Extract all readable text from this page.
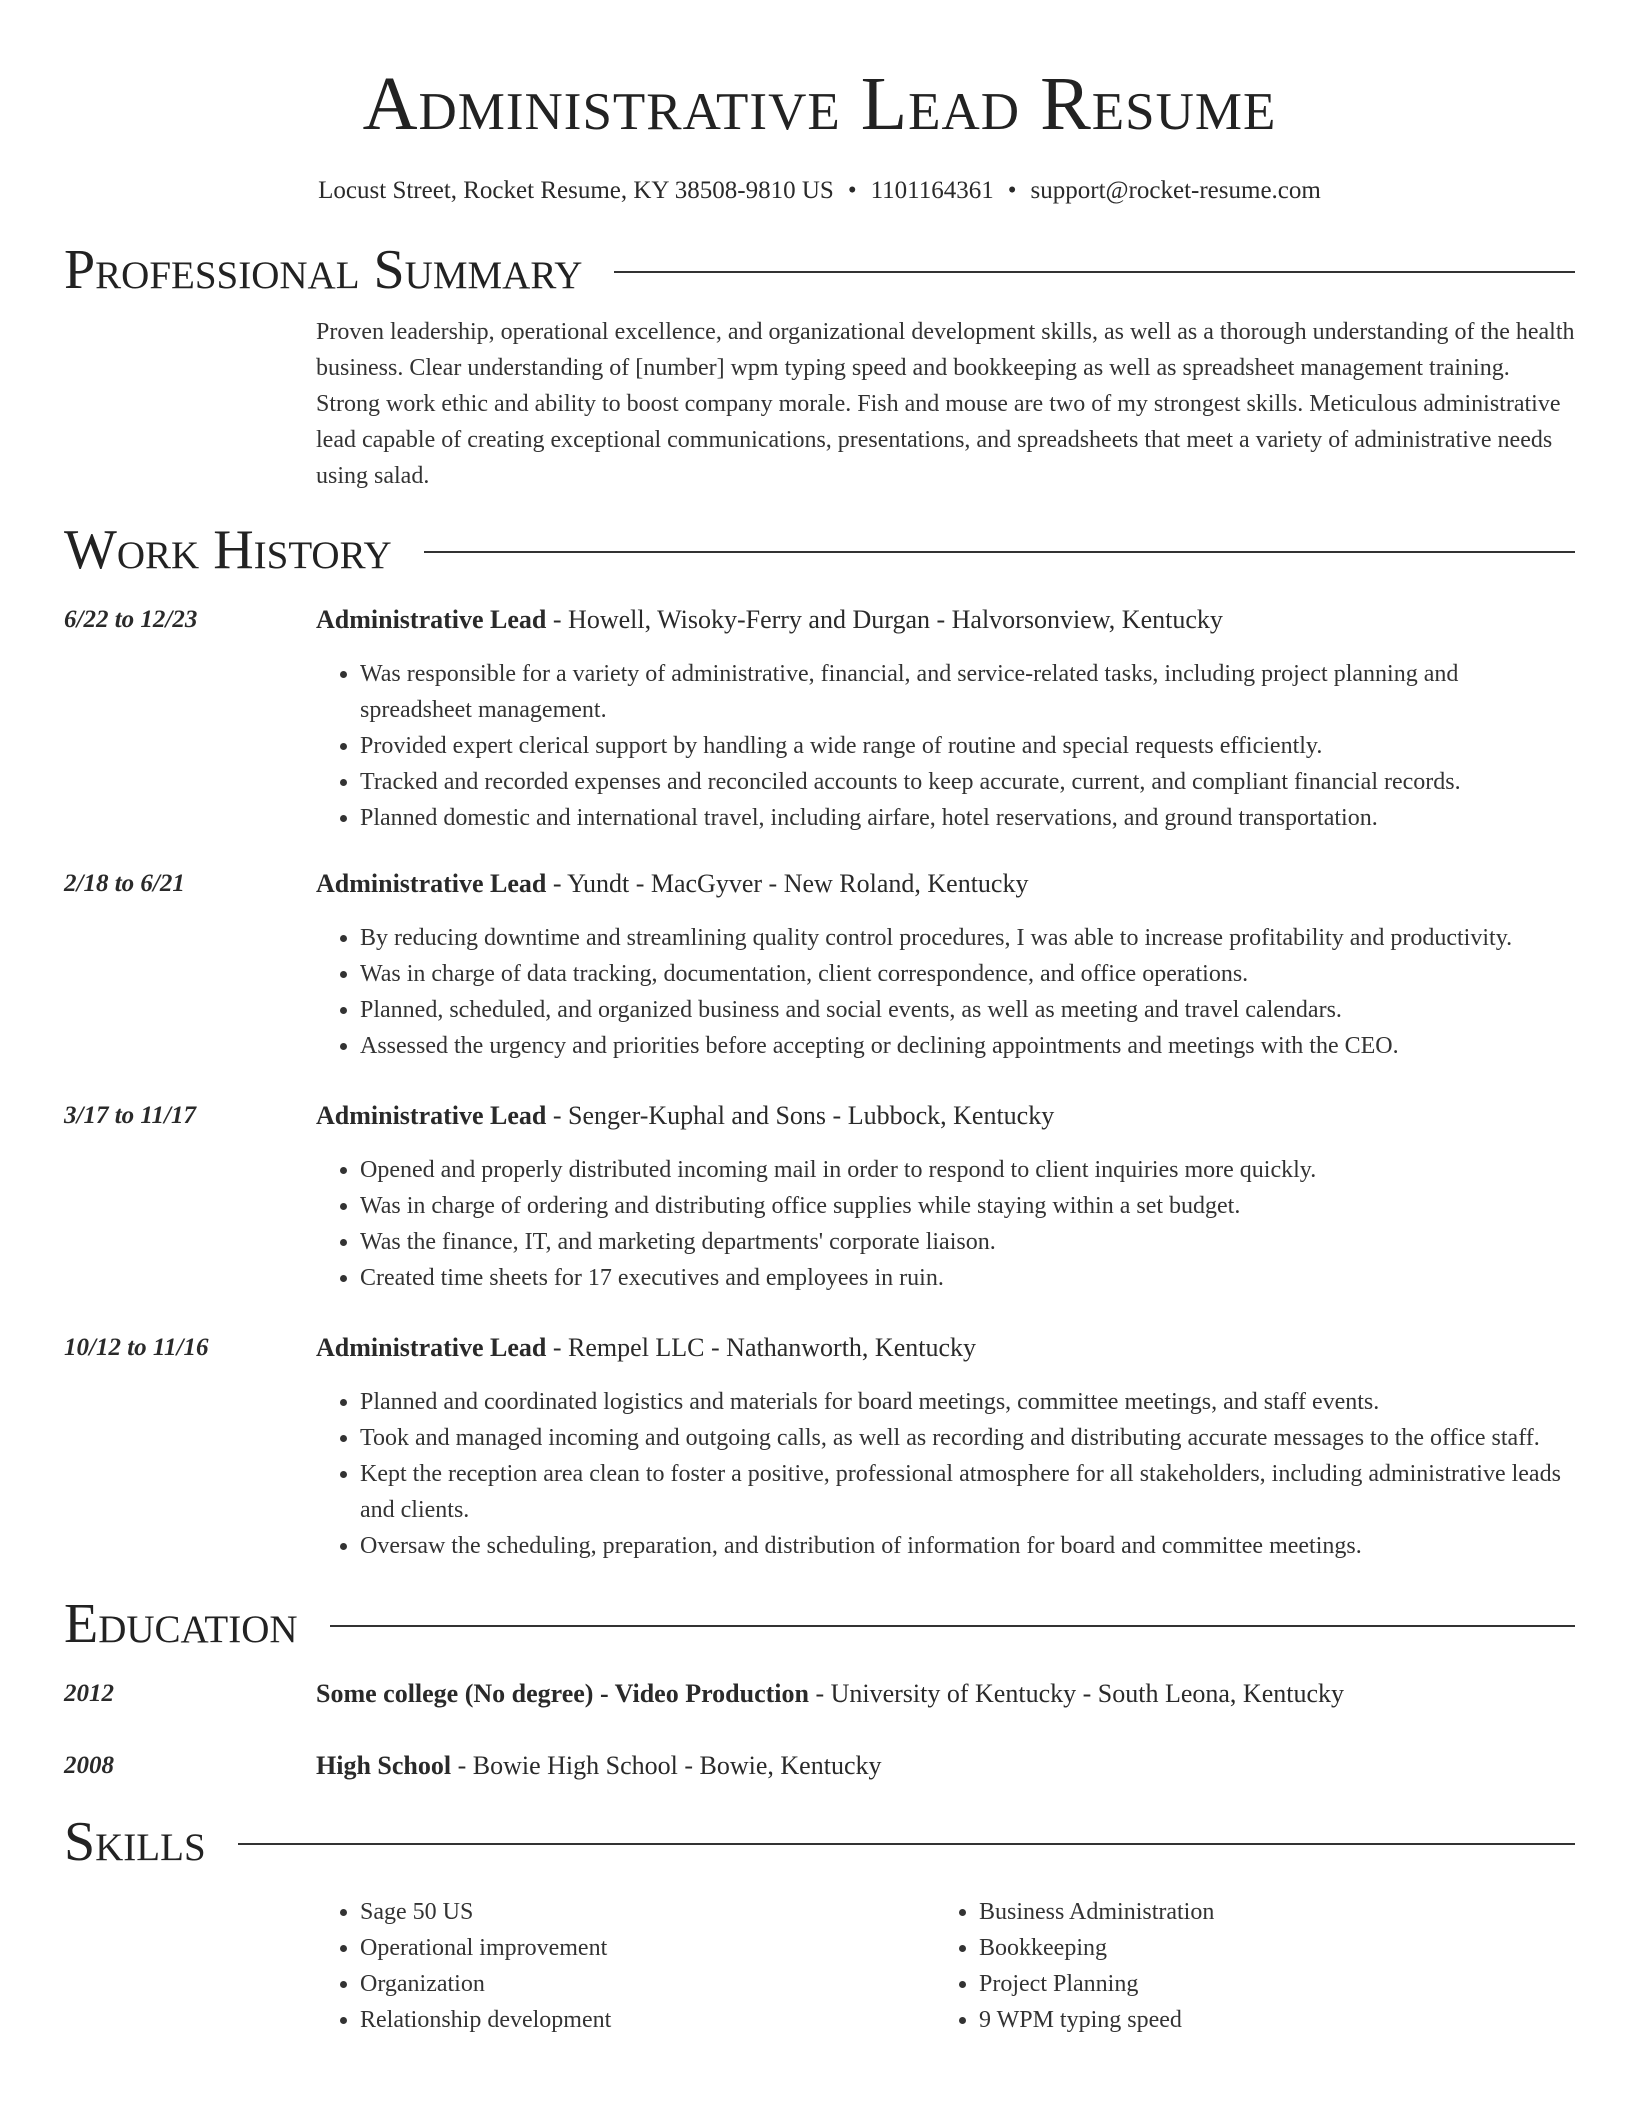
Administrative Lead Resume
Locust Street, Rocket Resume, KY 38508-9810 US • 1101164361 • support@rocket-resume.com
Professional Summary
Proven leadership, operational excellence, and organizational development skills, as well as a thorough understanding of the health business. Clear understanding of [number] wpm typing speed and bookkeeping as well as spreadsheet management training. Strong work ethic and ability to boost company morale. Fish and mouse are two of my strongest skills. Meticulous administrative lead capable of creating exceptional communications, presentations, and spreadsheets that meet a variety of administrative needs using salad.
Work History
6/22 to 12/23	Administrative Lead - Howell, Wisoky-Ferry and Durgan - Halvorsonview, Kentucky
• Was responsible for a variety of administrative, financial, and service-related tasks, including project planning and spreadsheet management.
• Provided expert clerical support by handling a wide range of routine and special requests efficiently.
• Tracked and recorded expenses and reconciled accounts to keep accurate, current, and compliant financial records.
• Planned domestic and international travel, including airfare, hotel reservations, and ground transportation.
2/18 to 6/21	Administrative Lead - Yundt - MacGyver - New Roland, Kentucky
• By reducing downtime and streamlining quality control procedures, I was able to increase profitability and productivity.
• Was in charge of data tracking, documentation, client correspondence, and office operations.
• Planned, scheduled, and organized business and social events, as well as meeting and travel calendars.
• Assessed the urgency and priorities before accepting or declining appointments and meetings with the CEO.
3/17 to 11/17	Administrative Lead - Senger-Kuphal and Sons - Lubbock, Kentucky
• Opened and properly distributed incoming mail in order to respond to client inquiries more quickly.
• Was in charge of ordering and distributing office supplies while staying within a set budget.
• Was the finance, IT, and marketing departments' corporate liaison.
• Created time sheets for 17 executives and employees in ruin.
10/12 to 11/16	Administrative Lead - Rempel LLC - Nathanworth, Kentucky
• Planned and coordinated logistics and materials for board meetings, committee meetings, and staff events.
• Took and managed incoming and outgoing calls, as well as recording and distributing accurate messages to the office staff.
• Kept the reception area clean to foster a positive, professional atmosphere for all stakeholders, including administrative leads and clients.
• Oversaw the scheduling, preparation, and distribution of information for board and committee meetings.
Education
2012	Some college (No degree) - Video Production - University of Kentucky - South Leona, Kentucky
2008	High School - Bowie High School - Bowie, Kentucky
Skills
• Sage 50 US
• Operational improvement
• Organization
• Relationship development
• Business Administration
• Bookkeeping
• Project Planning
• 9 WPM typing speed
